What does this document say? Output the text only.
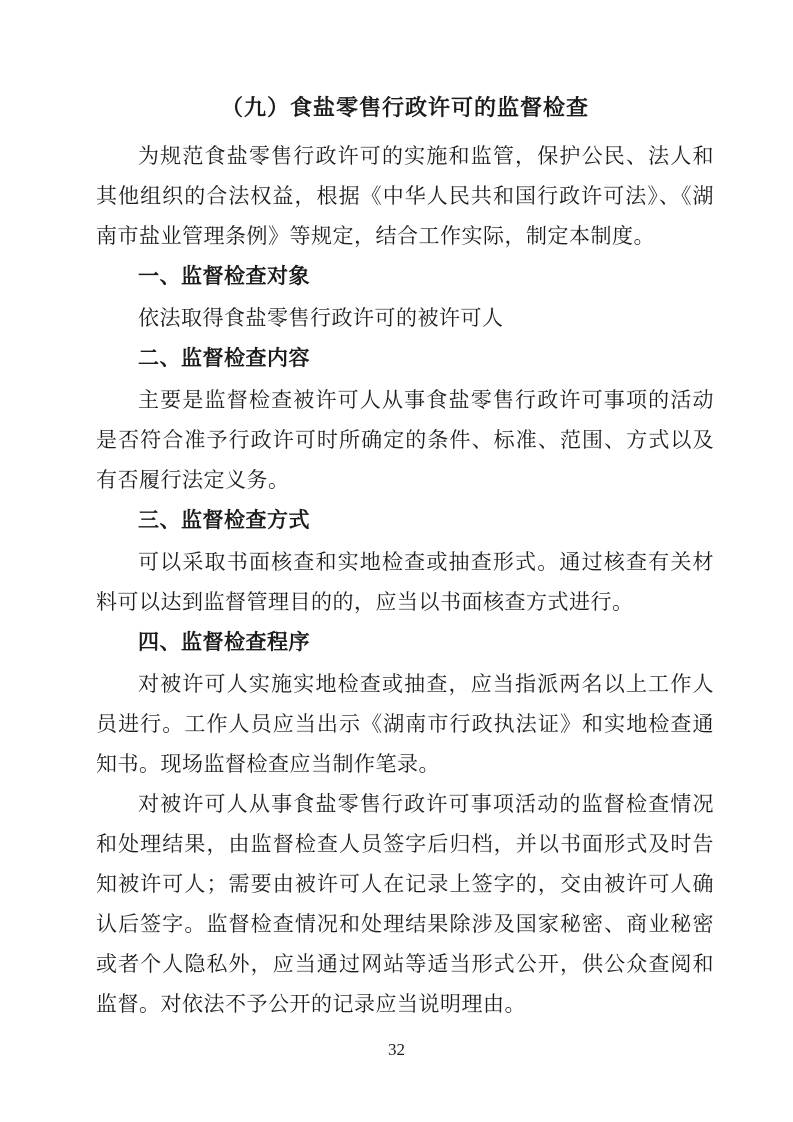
（九）食盐零售行政许可的监督检查
为规范食盐零售行政许可的实施和监管，保护公民、法人和其他组织的合法权益，根据《中华人民共和国行政许可法》、《湖南市盐业管理条例》等规定，结合工作实际，制定本制度。
一、监督检查对象
依法取得食盐零售行政许可的被许可人
二、监督检查内容
主要是监督检查被许可人从事食盐零售行政许可事项的活动是否符合准予行政许可时所确定的条件、标准、范围、方式以及有否履行法定义务。
三、监督检查方式
可以采取书面核查和实地检查或抽查形式。通过核查有关材料可以达到监督管理目的的，应当以书面核查方式进行。
四、监督检查程序
对被许可人实施实地检查或抽查，应当指派两名以上工作人员进行。工作人员应当出示《湖南市行政执法证》和实地检查通知书。现场监督检查应当制作笔录。
对被许可人从事食盐零售行政许可事项活动的监督检查情况和处理结果，由监督检查人员签字后归档，并以书面形式及时告知被许可人；需要由被许可人在记录上签字的，交由被许可人确认后签字。监督检查情况和处理结果除涉及国家秘密、商业秘密或者个人隐私外，应当通过网站等适当形式公开，供公众查阅和监督。对依法不予公开的记录应当说明理由。
32
